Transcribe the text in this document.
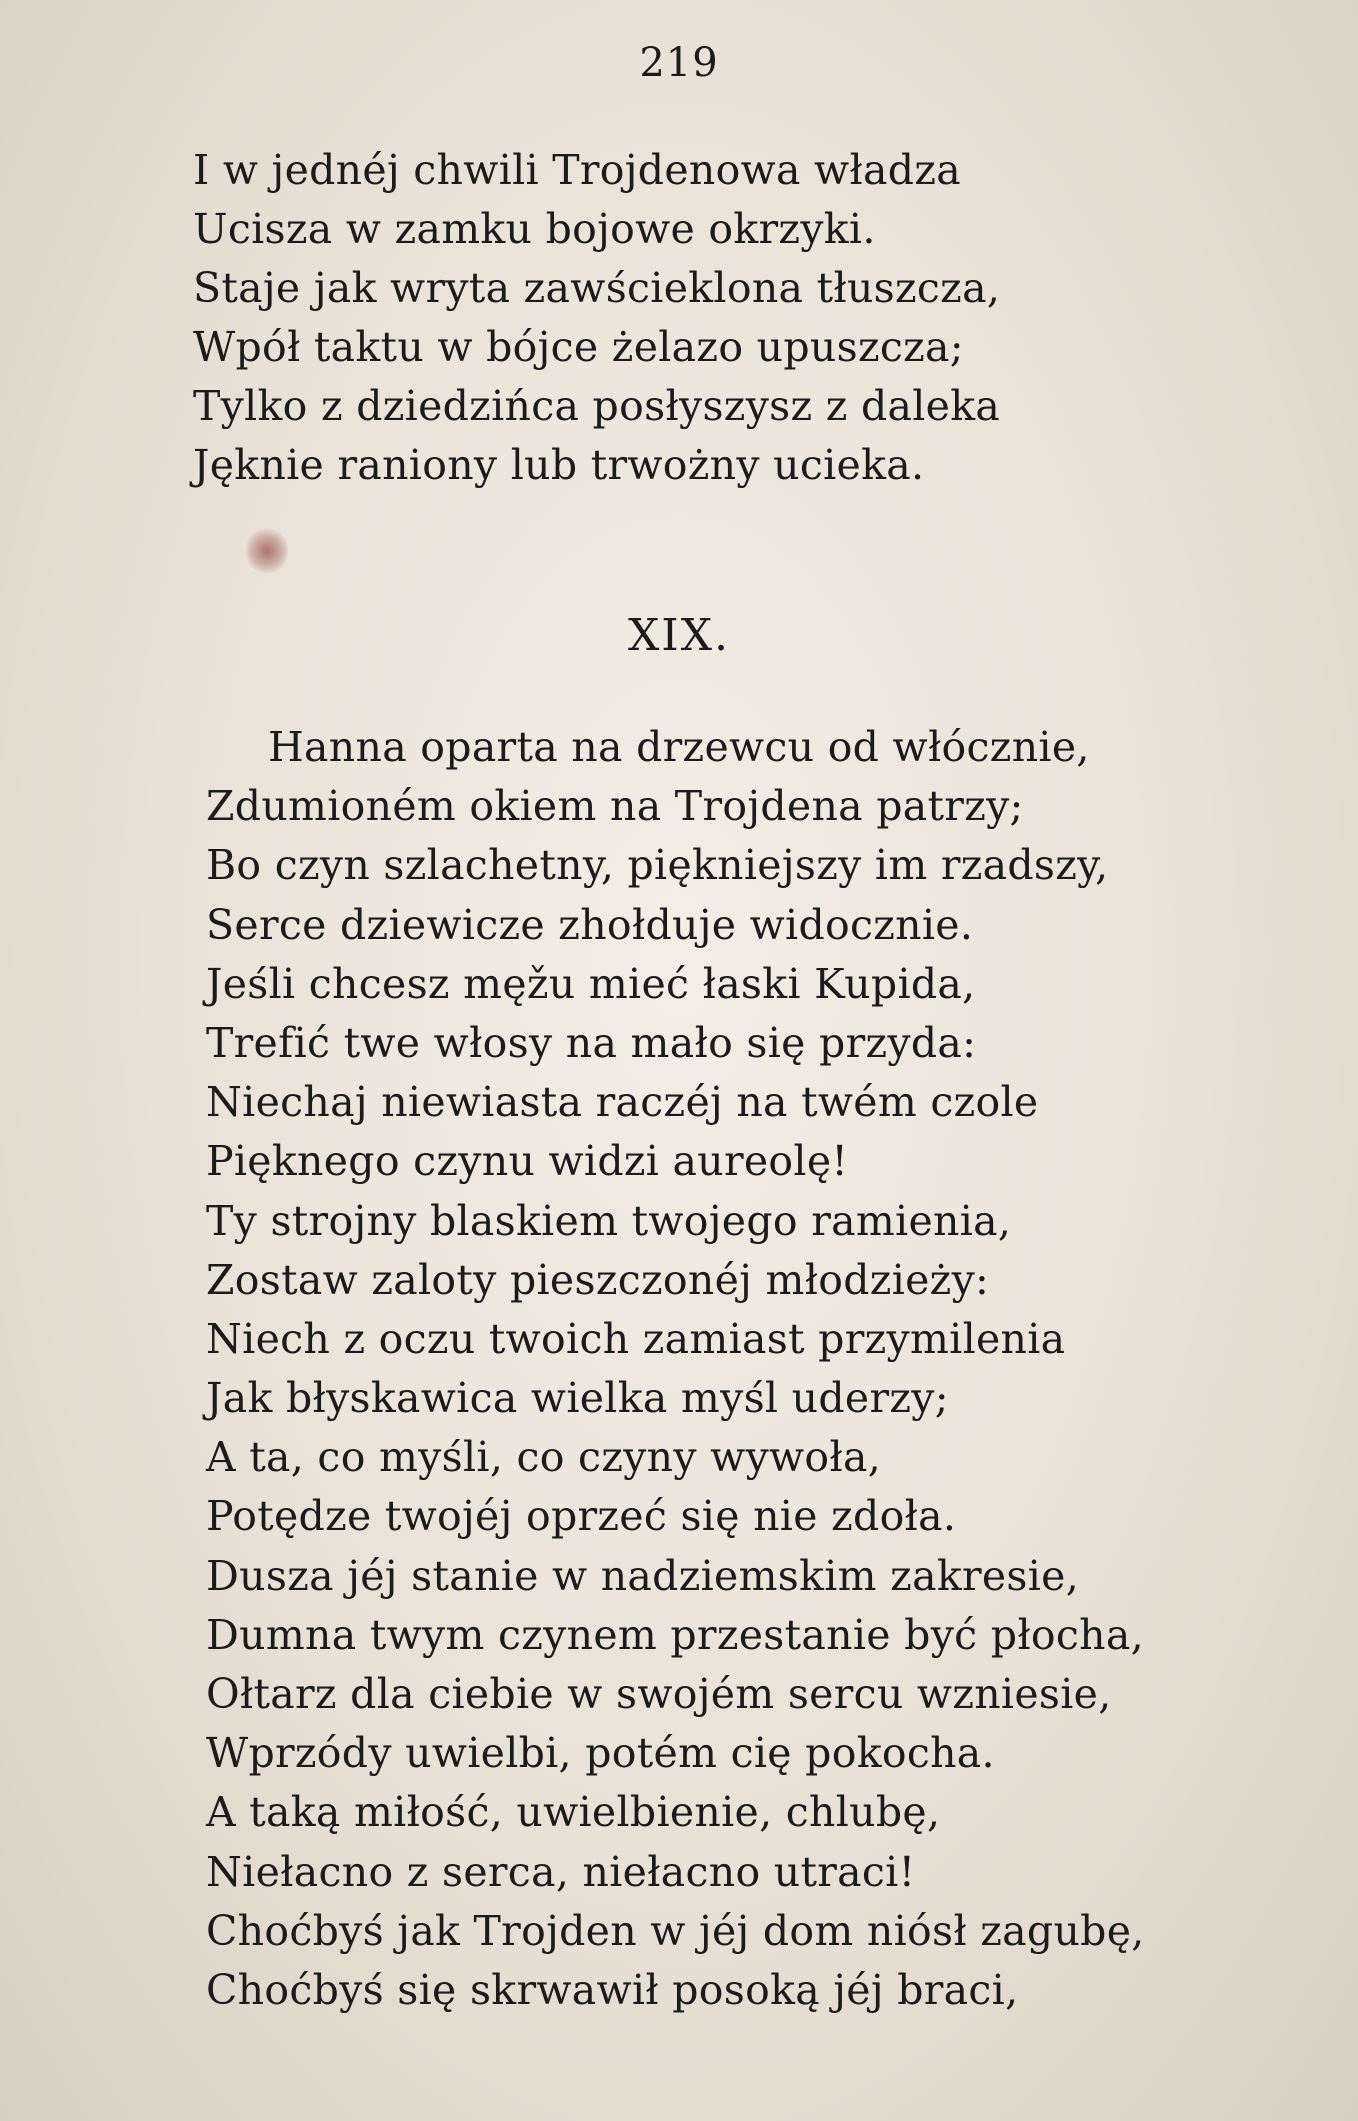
219
I w jednéj chwili Trojdenowa władza
Ucisza w zamku bojowe okrzyki.
Staje jak wryta zawścieklona tłuszcza,
Wpół taktu w bójce żelazo upuszcza;
Tylko z dziedzińca posłyszysz z daleka
Jęknie raniony lub trwożny ucieka.
XIX.
Hanna oparta na drzewcu od włócznie,
Zdumioném okiem na Trojdena patrzy;
Bo czyn szlachetny, piękniejszy im rzadszy,
Serce dziewicze zhołduje widocznie.
Jeśli chcesz męžu mieć łaski Kupida,
Trefić twe włosy na mało się przyda:
Niechaj niewiasta raczéj na twém czole
Pięknego czynu widzi aureolę!
Ty strojny blaskiem twojego ramienia,
Zostaw zaloty pieszczonéj młodzieży:
Niech z oczu twoich zamiast przymilenia
Jak błyskawica wielka myśl uderzy;
A ta, co myśli, co czyny wywoła,
Potędze twojéj oprzeć się nie zdoła.
Dusza jéj stanie w nadziemskim zakresie,
Dumna twym czynem przestanie być płocha,
Ołtarz dla ciebie w swojém sercu wzniesie,
Wprzódy uwielbi, potém cię pokocha.
A taką miłość, uwielbienie, chlubę,
Niełacno z serca, niełacno utraci!
Choćbyś jak Trojden w jéj dom niósł zagubę,
Choćbyś się skrwawił posoką jéj braci,
